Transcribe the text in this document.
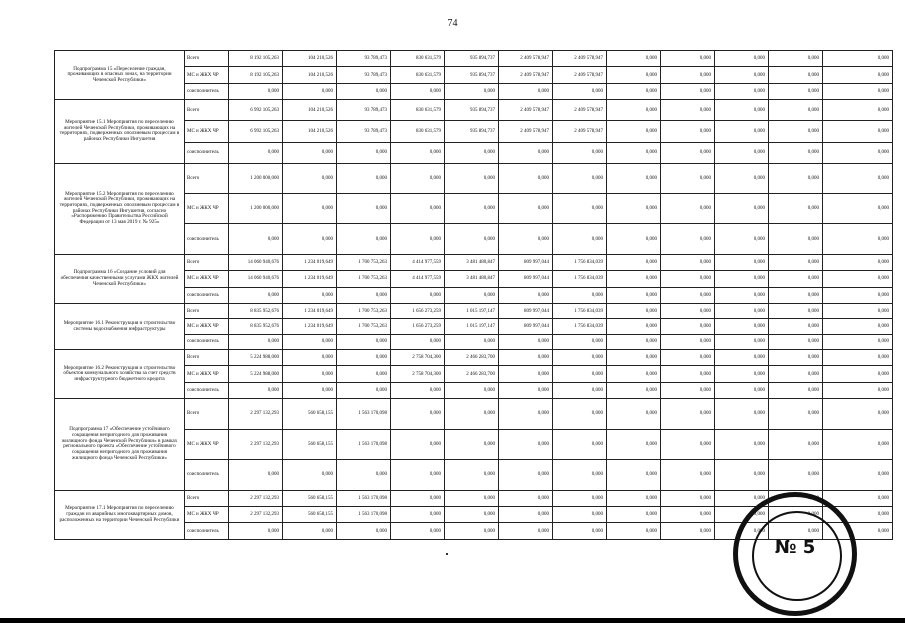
74
Подпрограмма 15 «Переселение граждан, проживающих в опасных зонах, на территории Чеченской Республики»	Всего	8 192 105,263	104 210,526	93 789,473	830 631,579	935 894,737	2 409 578,947	2 409 578,947	0,000	0,000	0,000	0,000	0,000
	МС и ЖКХ ЧР	8 192 105,263	104 210,526	93 789,473	830 631,579	935 894,737	2 409 578,947	2 409 578,947	0,000	0,000	0,000	0,000	0,000
	соисполнитель	0,000	0,000	0,000	0,000	0,000	0,000	0,000	0,000	0,000	0,000	0,000	0,000
Мероприятие 15.1 Мероприятия по переселению жителей Чеченской Республики, проживающих на территориях, подверженных оползневым процессам в районах Республики Ингушетия	Всего	6 992 105,263	104 210,526	93 789,473	830 631,579	935 894,737	2 409 578,947	2 409 578,947	0,000	0,000	0,000	0,000	0,000
	МС и ЖКХ ЧР	6 992 105,263	104 210,526	93 789,473	830 631,579	935 894,737	2 409 578,947	2 409 578,947	0,000	0,000	0,000	0,000	0,000
	соисполнитель	0,000	0,000	0,000	0,000	0,000	0,000	0,000	0,000	0,000	0,000	0,000	0,000
Мероприятие 15.2 Мероприятия по переселению жителей Чеченской Республики, проживающих на территориях, подверженных оползневым процессам в районах Республики Ингушетия, согласно «Распоряжению Правительства Российской Федерации от 13 мая 2019 г. № 925»	Всего	1 200 000,000	0,000	0,000	0,000	0,000	0,000	0,000	0,000	0,000	0,000	0,000	0,000
	МС и ЖКХ ЧР	1 200 000,000	0,000	0,000	0,000	0,000	0,000	0,000	0,000	0,000	0,000	0,000	0,000
	соисполнитель	0,000	0,000	0,000	0,000	0,000	0,000	0,000	0,000	0,000	0,000	0,000	0,000
Подпрограмма 16 «Создание условий для обеспечения качественными услугами ЖКХ жителей Чеченской Республики»	Всего	14 060 940,676	1 234 019,649	1 700 753,263	4 414 977,559	3 481 480,847	809 997,044	1 756 834,039	0,000	0,000	0,000	0,000	0,000
	МС и ЖКХ ЧР	14 060 940,676	1 234 019,649	1 700 753,263	4 414 977,559	3 481 480,847	809 997,044	1 756 834,039	0,000	0,000	0,000	0,000	0,000
	соисполнитель	0,000	0,000	0,000	0,000	0,000	0,000	0,000	0,000	0,000	0,000	0,000	0,000
Мероприятие 16.1 Реконструкция и строительство системы водоснабжения инфраструктуры	Всего	8 835 952,676	1 234 019,649	1 700 753,263	1 656 273,259	1 015 197,147	809 997,044	1 756 834,039	0,000	0,000	0,000	0,000	0,000
	МС и ЖКХ ЧР	8 835 952,676	1 234 019,649	1 700 753,263	1 656 273,259	1 015 197,147	809 997,044	1 756 834,039	0,000	0,000	0,000	0,000	0,000
	соисполнитель	0,000	0,000	0,000	0,000	0,000	0,000	0,000	0,000	0,000	0,000	0,000	0,000
Мероприятие 16.2 Реконструкция и строительство объектов коммунального хозяйства за счет средств инфраструктурного бюджетного кредита	Всего	5 224 988,000	0,000	0,000	2 758 704,300	2 466 283,700	0,000	0,000	0,000	0,000	0,000	0,000	0,000
	МС и ЖКХ ЧР	5 224 988,000	0,000	0,000	2 758 704,300	2 466 283,700	0,000	0,000	0,000	0,000	0,000	0,000	0,000
	соисполнитель	0,000	0,000	0,000	0,000	0,000	0,000	0,000	0,000	0,000	0,000	0,000	0,000
Подпрограмма 17 «Обеспечение устойчивого сокращения непригодного для проживания жилищного фонда Чеченской Республики» в рамках регионального проекта «Обеспечение устойчивого сокращения непригодного для проживания жилищного фонда Чеченской Республики»	Всего	2 297 132,293	560 658,155	1 563 170,098	0,000	0,000	0,000	0,000	0,000	0,000	0,000	0,000	0,000
	МС и ЖКХ ЧР	2 297 132,293	560 658,155	1 563 170,098	0,000	0,000	0,000	0,000	0,000	0,000	0,000	0,000	0,000
	соисполнитель	0,000	0,000	0,000	0,000	0,000	0,000	0,000	0,000	0,000	0,000	0,000	0,000
Мероприятие 17.1 Мероприятия по переселению граждан из аварийных многоквартирных домов, расположенных на территории Чеченской Республики	Всего	2 297 132,293	560 658,155	1 563 170,098	0,000	0,000	0,000	0,000	0,000	0,000	0,000	0,000	0,000
	МС и ЖКХ ЧР	2 297 132,293	560 658,155	1 563 170,098	0,000	0,000	0,000	0,000	0,000	0,000	0,000	0,000	0,000
	соисполнитель	0,000	0,000	0,000	0,000	0,000	0,000	0,000	0,000	0,000	0,000	0,000	0,000
№ 5
